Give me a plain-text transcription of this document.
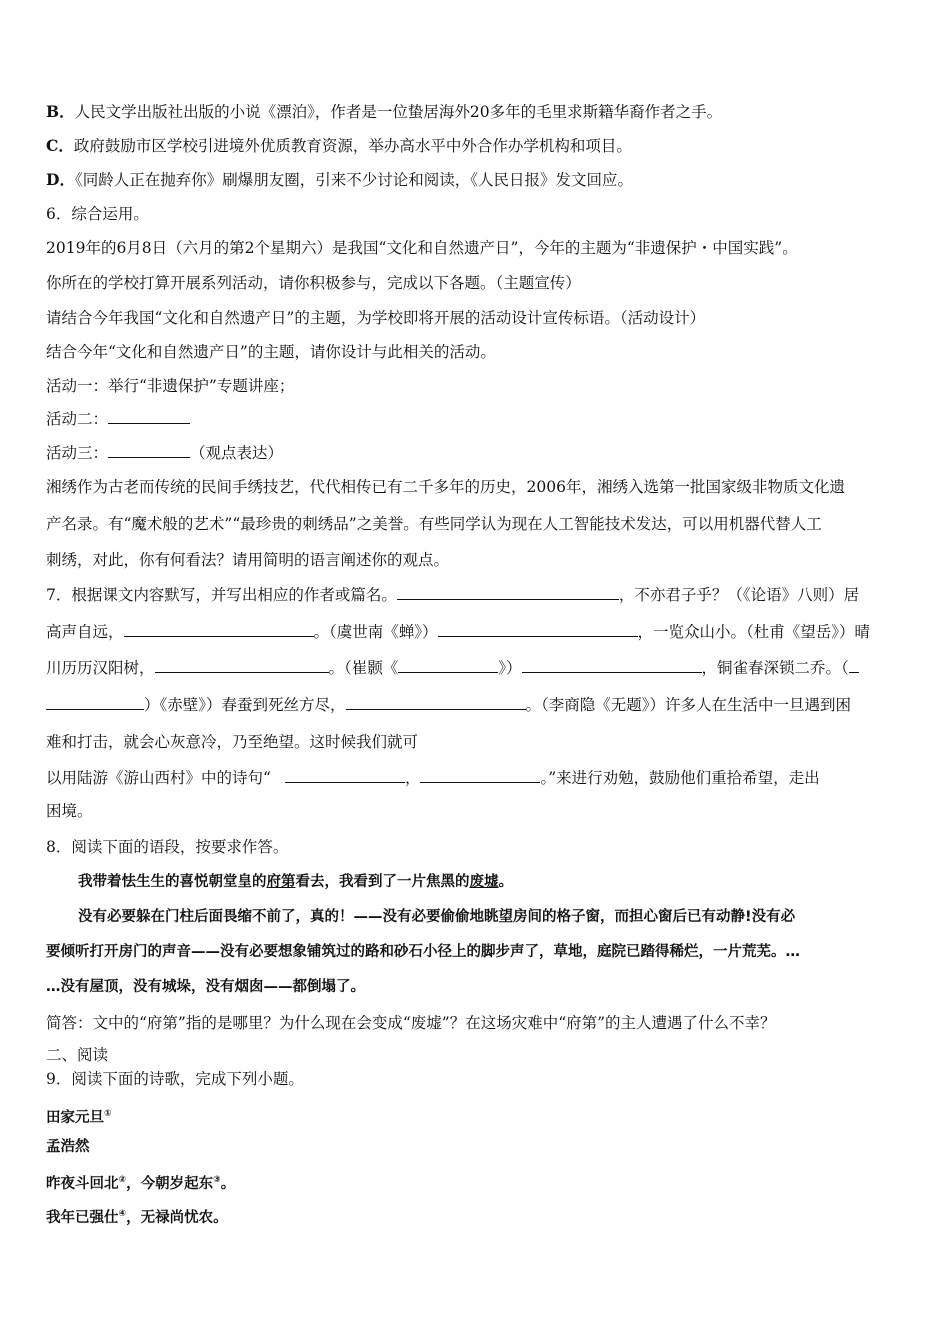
B．人民文学出版社出版的小说《漂泊》，作者是一位蛰居海外20多年的毛里求斯籍华裔作者之手。
C．政府鼓励市区学校引进境外优质教育资源，举办高水平中外合作办学机构和项目。
D．《同龄人正在抛弃你》刷爆朋友圈，引来不少讨论和阅读，《人民日报》发文回应。
6．综合运用。
2019年的6月8日（六月的第2个星期六）是我国“文化和自然遗产日”，今年的主题为“非遗保护・中国实践”。
你所在的学校打算开展系列活动，请你积极参与，完成以下各题。（主题宣传）
请结合今年我国“文化和自然遗产日”的主题，为学校即将开展的活动设计宣传标语。（活动设计）
结合今年“文化和自然遗产日”的主题，请你设计与此相关的活动。
活动一：举行“非遗保护”专题讲座；
活动二：
活动三：	（观点表达）
湘绣作为古老而传统的民间手绣技艺，代代相传已有二千多年的历史，2006年，湘绣入选第一批国家级非物质文化遗
产名录。有“魔术般的艺术”“最珍贵的刺绣品”之美誉。有些同学认为现在人工智能技术发达，可以用机器代替人工
刺绣，对此，你有何看法？请用简明的语言阐述你的观点。
7．根据课文内容默写，并写出相应的作者或篇名。	，不亦君子乎？（《论语》八则）居
高声自远，	。（虞世南《蝉》）	，一览众山小。（杜甫《望岳》）晴
川历历汉阳树，	。（崔颢《	》）	，铜雀春深锁二乔。（
）《赤壁》）春蚕到死丝方尽，	。（李商隐《无题》）许多人在生活中一旦遇到困
难和打击，就会心灰意冷，乃至绝望。这时候我们就可
以用陆游《游山西村》中的诗句“	，	。”来进行劝勉，鼓励他们重拾希望，走出
困境。
8．阅读下面的语段，按要求作答。
我带着怯生生的喜悦朝堂皇的府第看去，我看到了一片焦黑的废墟。
没有必要躲在门柱后面畏缩不前了，真的！——没有必要偷偷地眺望房间的格子窗，而担心窗后已有动静!没有必
要倾听打开房门的声音——没有必要想象铺筑过的路和砂石小径上的脚步声了，草地，庭院已踏得稀烂，一片荒芜。…
…没有屋顶，没有城垛，没有烟囱——都倒塌了。
简答：文中的“府第”指的是哪里？为什么现在会变成“废墟”？在这场灾难中“府第”的主人遭遇了什么不幸？
二、阅读
9．阅读下面的诗歌，完成下列小题。
田家元旦①
孟浩然
昨夜斗回北②，今朝岁起东③。
我年已强仕④，无禄尚忧农。
